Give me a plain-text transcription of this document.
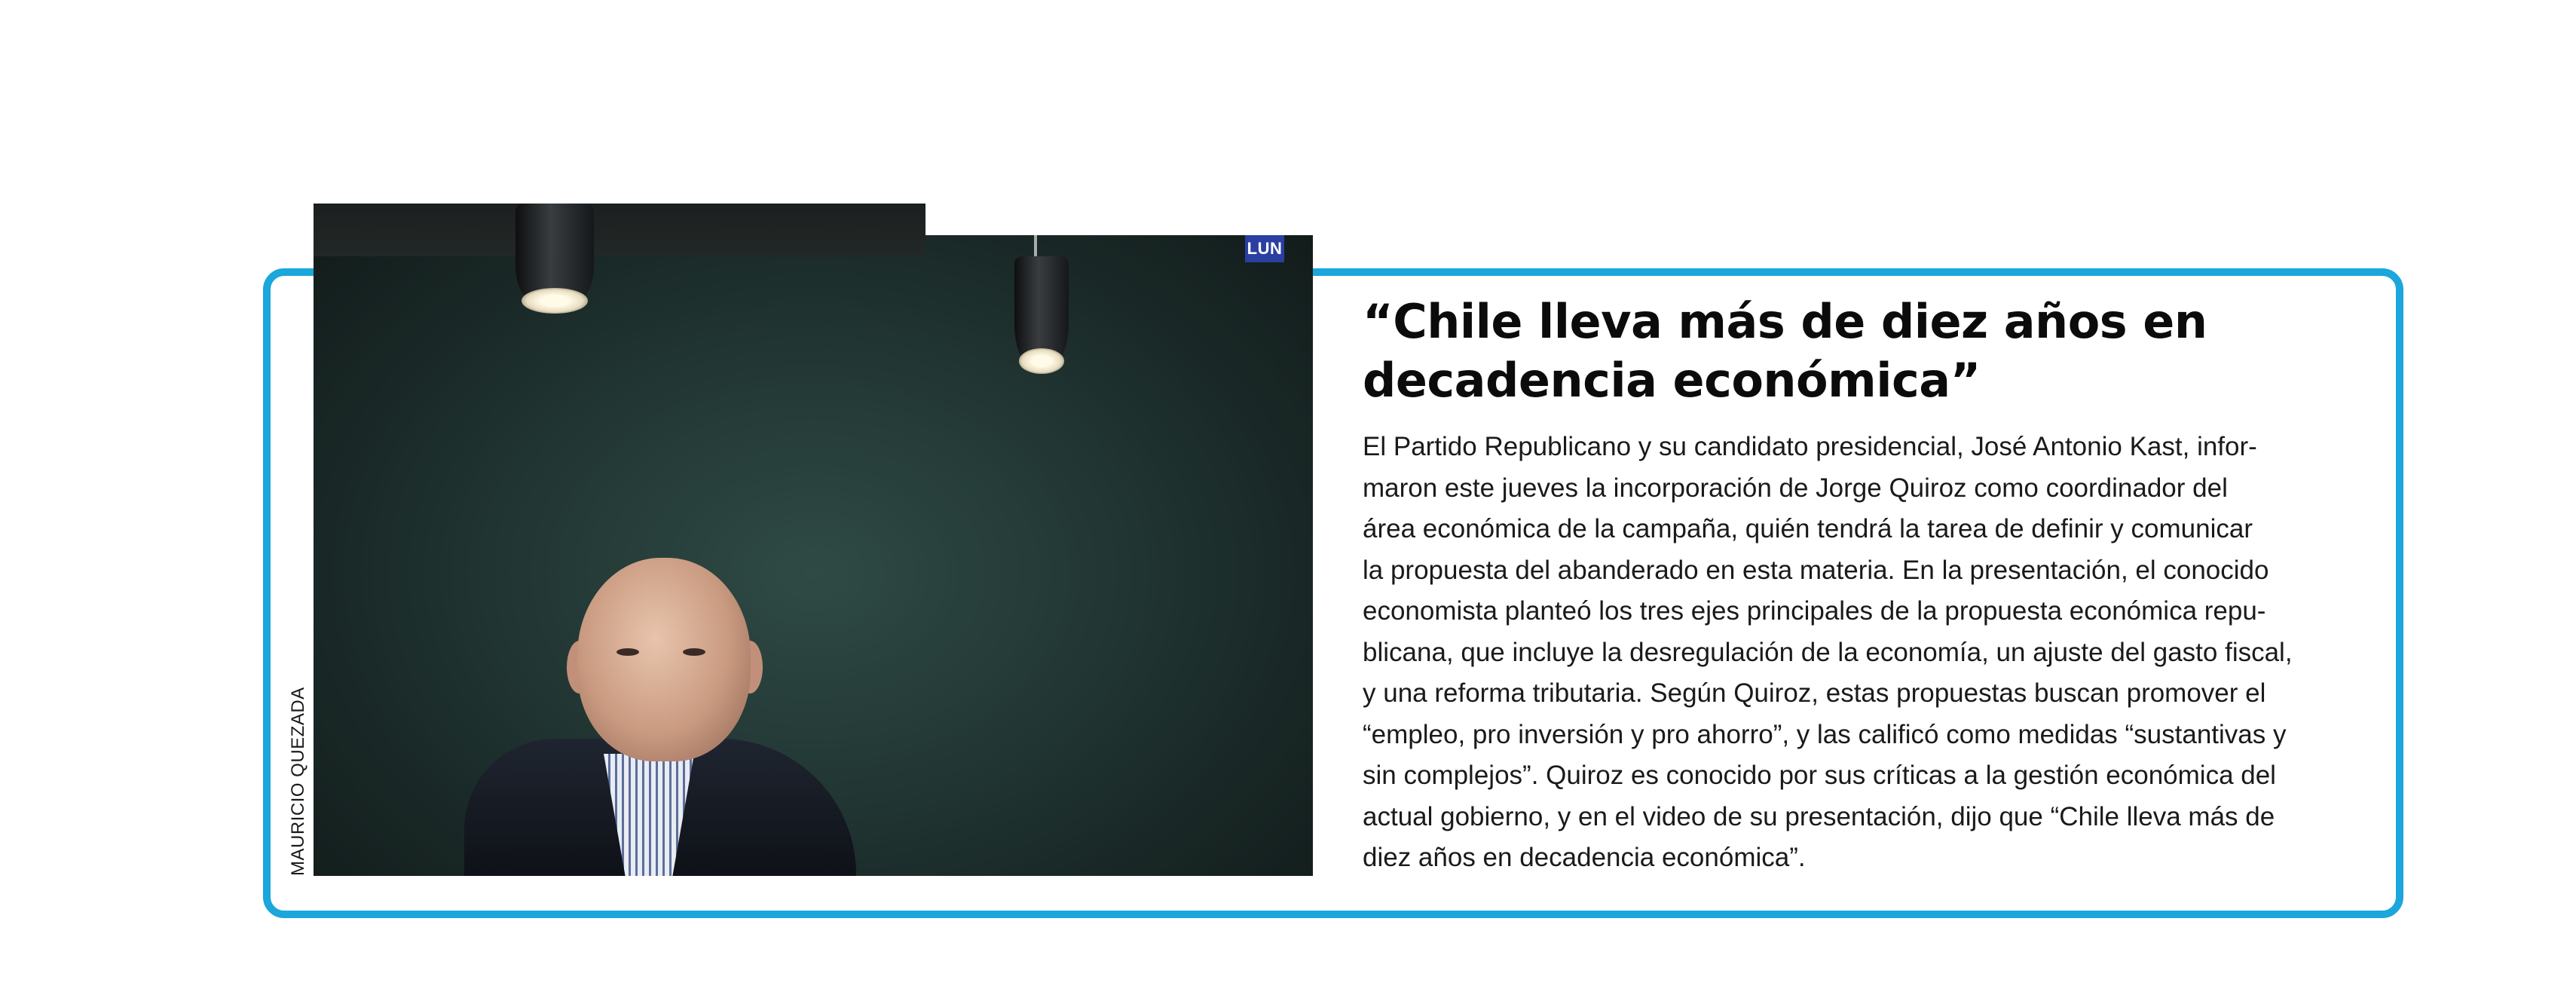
LUN
MAURICIO QUEZADA
“Chile lleva más de diez años en
decadencia económica”

El Partido Republicano y su candidato presidencial, José Antonio Kast, infor-
maron este jueves la incorporación de Jorge Quiroz como coordinador del
área económica de la campaña, quién tendrá la tarea de definir y comunicar
la propuesta del abanderado en esta materia. En la presentación, el conocido
economista planteó los tres ejes principales de la propuesta económica repu-
blicana, que incluye la desregulación de la economía, un ajuste del gasto fiscal,
y una reforma tributaria. Según Quiroz, estas propuestas buscan promover el
“empleo, pro inversión y pro ahorro”, y las calificó como medidas “sustantivas y
sin complejos”. Quiroz es conocido por sus críticas a la gestión económica del
actual gobierno, y en el video de su presentación, dijo que “Chile lleva más de
diez años en decadencia económica”.
